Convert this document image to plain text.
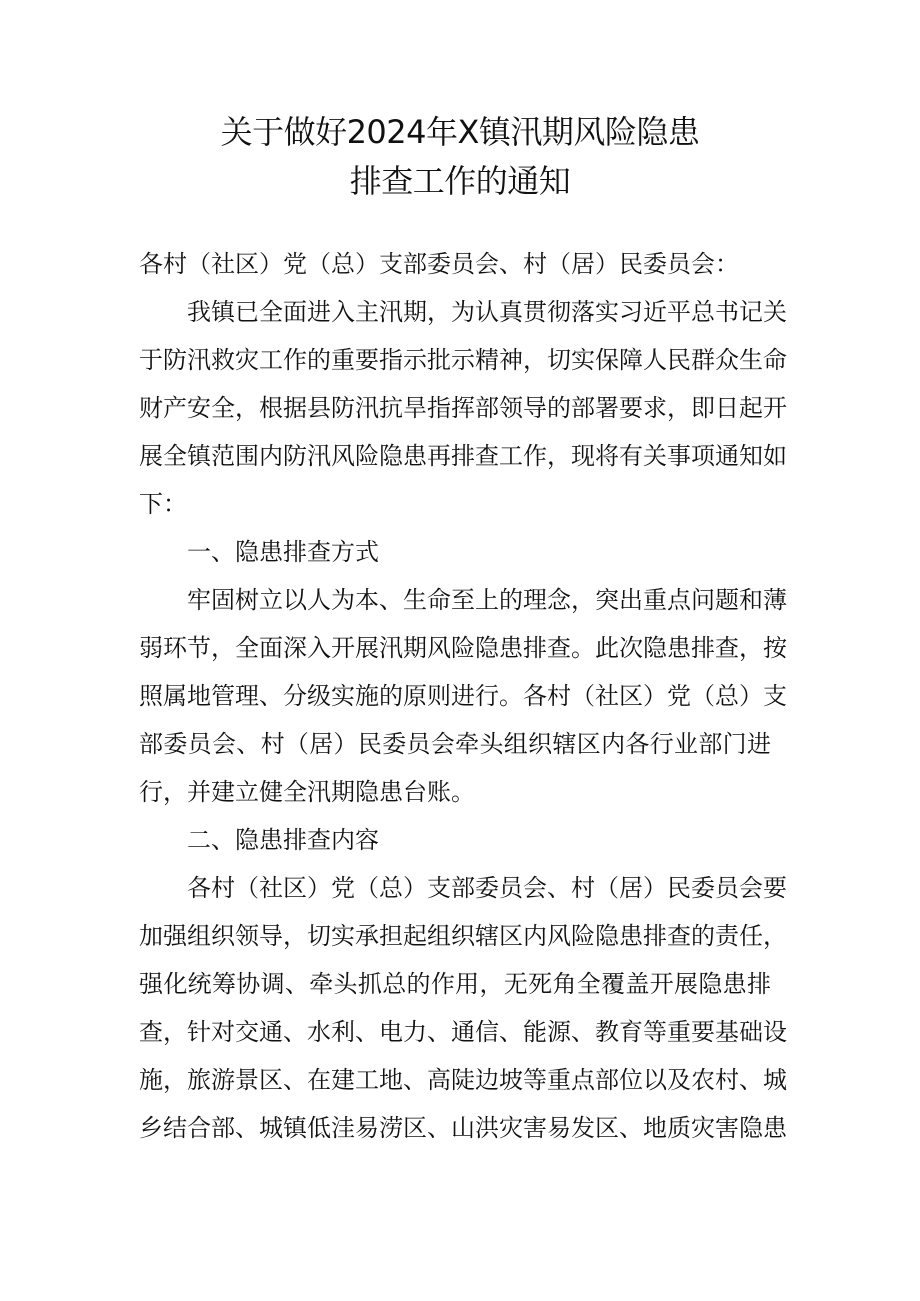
关于做好2024年X镇汛期风险隐患
排查工作的通知
各村（社区）党（总）支部委员会、村（居）民委员会：
我镇已全面进入主汛期，为认真贯彻落实习近平总书记关
于防汛救灾工作的重要指示批示精神，切实保障人民群众生命
财产安全，根据县防汛抗旱指挥部领导的部署要求，即日起开
展全镇范围内防汛风险隐患再排查工作，现将有关事项通知如
下：
一、隐患排查方式
牢固树立以人为本、生命至上的理念，突出重点问题和薄
弱环节，全面深入开展汛期风险隐患排查。此次隐患排查，按
照属地管理、分级实施的原则进行。各村（社区）党（总）支
部委员会、村（居）民委员会牵头组织辖区内各行业部门进
行，并建立健全汛期隐患台账。
二、隐患排查内容
各村（社区）党（总）支部委员会、村（居）民委员会要
加强组织领导，切实承担起组织辖区内风险隐患排查的责任，
强化统筹协调、牵头抓总的作用，无死角全覆盖开展隐患排
查，针对交通、水利、电力、通信、能源、教育等重要基础设
施，旅游景区、在建工地、高陡边坡等重点部位以及农村、城
乡结合部、城镇低洼易涝区、山洪灾害易发区、地质灾害隐患
